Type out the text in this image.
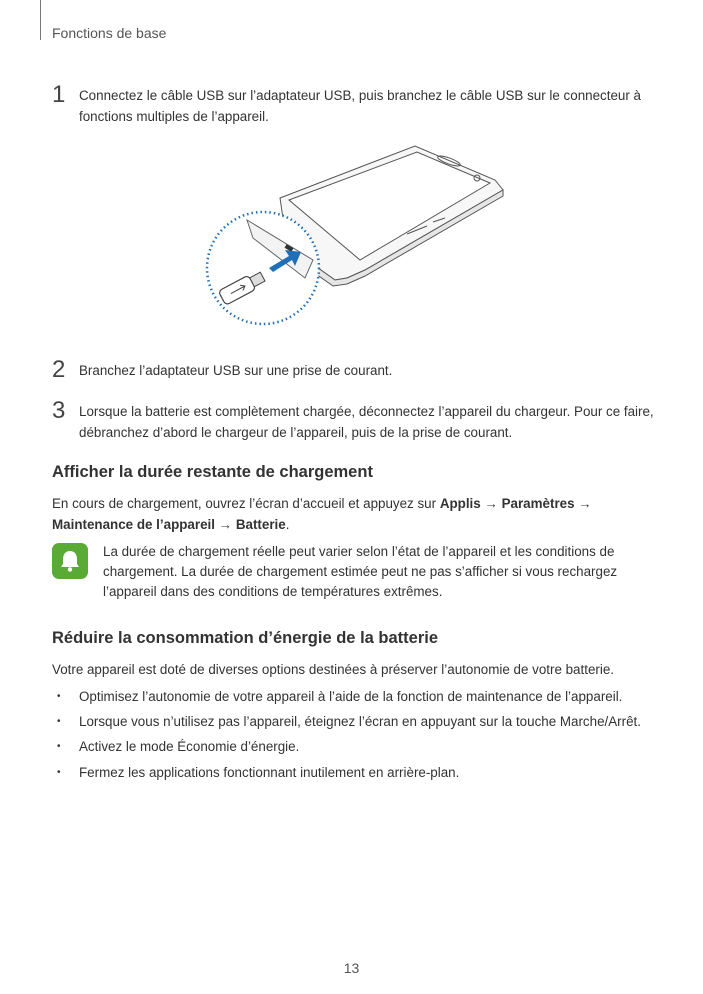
Fonctions de base
1	Connectez le câble USB sur l’adaptateur USB, puis branchez le câble USB sur le connecteur à fonctions multiples de l’appareil.
2	Branchez l’adaptateur USB sur une prise de courant.
3	Lorsque la batterie est complètement chargée, déconnectez l’appareil du chargeur. Pour ce faire, débranchez d’abord le chargeur de l’appareil, puis de la prise de courant.
Afficher la durée restante de chargement
En cours de chargement, ouvrez l’écran d’accueil et appuyez sur Applis → Paramètres → Maintenance de l’appareil → Batterie.
La durée de chargement réelle peut varier selon l’état de l’appareil et les conditions de chargement. La durée de chargement estimée peut ne pas s’afficher si vous rechargez l’appareil dans des conditions de températures extrêmes.
Réduire la consommation d’énergie de la batterie
Votre appareil est doté de diverses options destinées à préserver l’autonomie de votre batterie.
• Optimisez l’autonomie de votre appareil à l’aide de la fonction de maintenance de l’appareil.
• Lorsque vous n’utilisez pas l’appareil, éteignez l’écran en appuyant sur la touche Marche/Arrêt.
• Activez le mode Économie d’énergie.
• Fermez les applications fonctionnant inutilement en arrière-plan.
13
